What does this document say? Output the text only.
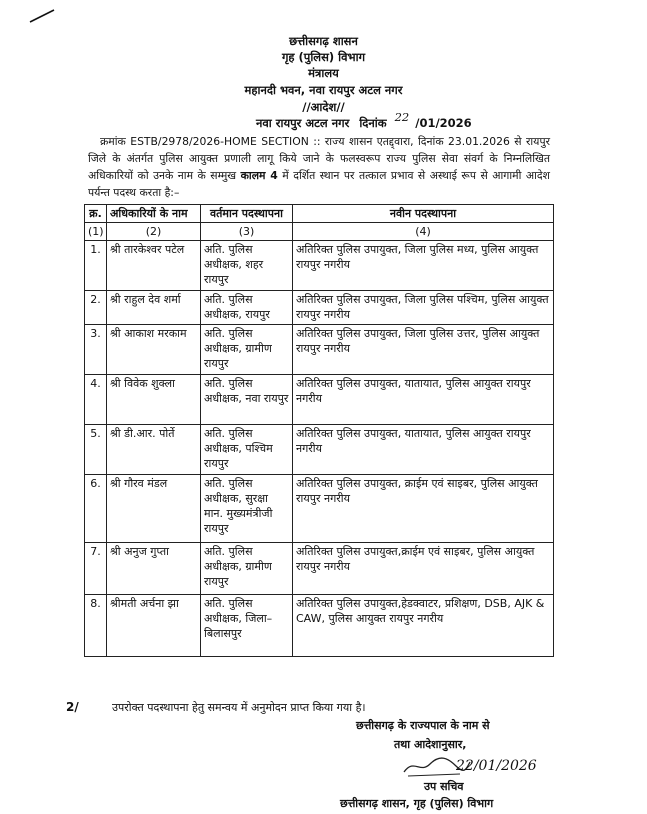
छत्तीसगढ़ शासन
गृह (पुलिस) विभाग
मंत्रालय
महानदी भवन, नवा रायपुर अटल नगर
//आदेश//
नवा रायपुर अटल नगर दिनांक 22 /01/2026
क्रमांक ESTB/2978/2026-HOME SECTION :: राज्य शासन एतद्द्वारा, दिनांक 23.01.2026 से रायपुर जिले के अंतर्गत पुलिस आयुक्त प्रणाली लागू किये जाने के फलस्वरूप राज्य पुलिस सेवा संवर्ग के निम्नलिखित अधिकारियों को उनके नाम के सम्मुख कालम 4 में दर्शित स्थान पर तत्काल प्रभाव से अस्थाई रूप से आगामी आदेश पर्यन्त पदस्थ करता है:–
क्र.	अधिकारियों के नाम	वर्तमान पदस्थापना	नवीन पदस्थापना
(1)	(2)	(3)	(4)
1.	श्री तारकेश्वर पटेल	अति. पुलिस अधीक्षक, शहर रायपुर	अतिरिक्त पुलिस उपायुक्त, जिला पुलिस मध्य, पुलिस आयुक्त रायपुर नगरीय
2.	श्री राहुल देव शर्मा	अति. पुलिस अधीक्षक, रायपुर	अतिरिक्त पुलिस उपायुक्त, जिला पुलिस पश्चिम, पुलिस आयुक्त रायपुर नगरीय
3.	श्री आकाश मरकाम	अति. पुलिस अधीक्षक, ग्रामीण रायपुर	अतिरिक्त पुलिस उपायुक्त, जिला पुलिस उत्तर, पुलिस आयुक्त रायपुर नगरीय
4.	श्री विवेक शुक्ला	अति. पुलिस अधीक्षक, नवा रायपुर	अतिरिक्त पुलिस उपायुक्त, यातायात, पुलिस आयुक्त रायपुर नगरीय
5.	श्री डी.आर. पोर्ते	अति. पुलिस अधीक्षक, पश्चिम रायपुर	अतिरिक्त पुलिस उपायुक्त, यातायात, पुलिस आयुक्त रायपुर नगरीय
6.	श्री गौरव मंडल	अति. पुलिस अधीक्षक, सुरक्षा मान. मुख्यमंत्रीजी रायपुर	अतिरिक्त पुलिस उपायुक्त, क्राईम एवं साइबर, पुलिस आयुक्त रायपुर नगरीय
7.	श्री अनुज गुप्ता	अति. पुलिस अधीक्षक, ग्रामीण रायपुर	अतिरिक्त पुलिस उपायुक्त,क्राईम एवं साइबर, पुलिस आयुक्त रायपुर नगरीय
8.	श्रीमती अर्चना झा	अति. पुलिस अधीक्षक, जिला–बिलासपुर	अतिरिक्त पुलिस उपायुक्त,हेडक्वाटर, प्रशिक्षण, DSB, AJK & CAW, पुलिस आयुक्त रायपुर नगरीय
2/	उपरोक्त पदस्थापना हेतु समन्वय में अनुमोदन प्राप्त किया गया है।
छत्तीसगढ़ के राज्यपाल के नाम से
तथा आदेशानुसार,
22/01/2026
उप सचिव
छत्तीसगढ़ शासन, गृह (पुलिस) विभाग
